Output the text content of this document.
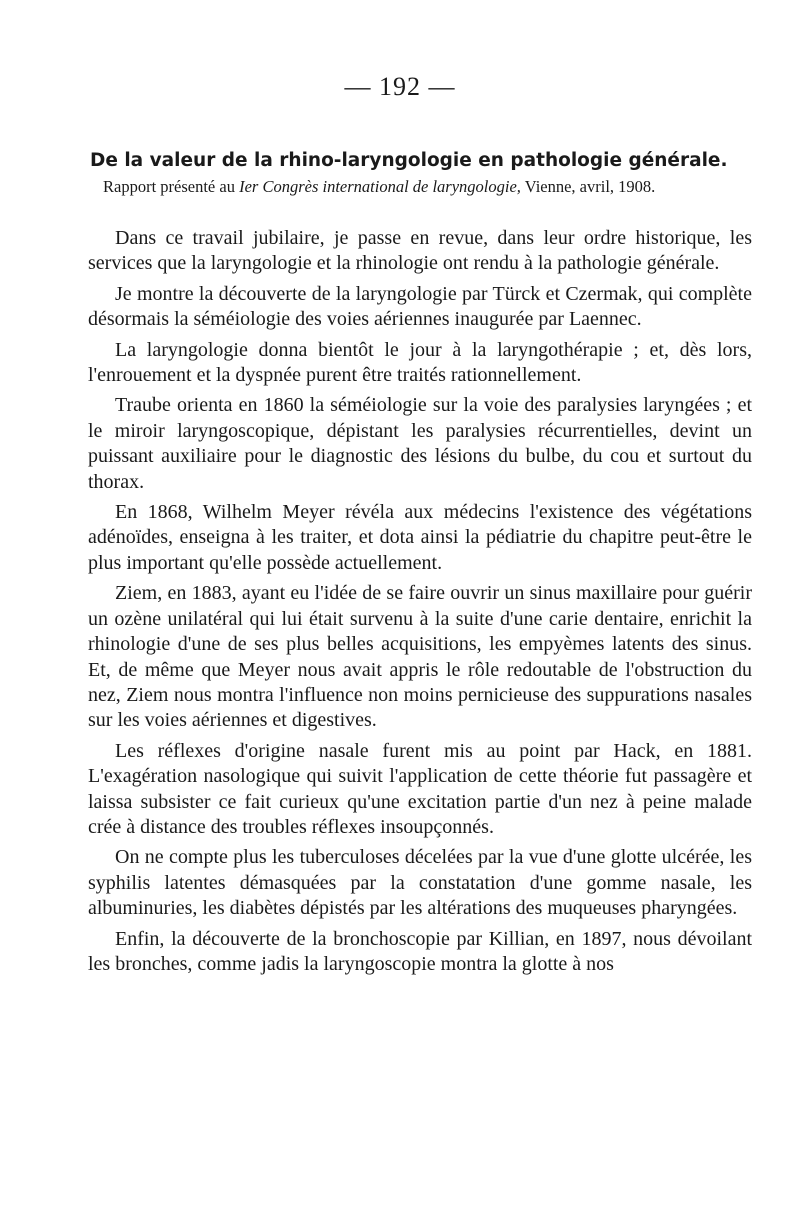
— 192 —
De la valeur de la rhino-laryngologie en pathologie générale.
Rapport présenté au Ier Congrès international de laryngologie, Vienne, avril, 1908.

Dans ce travail jubilaire, je passe en revue, dans leur ordre historique, les services que la laryngologie et la rhinologie ont rendu à la pathologie générale.

Je montre la découverte de la laryngologie par Türck et Czermak, qui complète désormais la séméiologie des voies aériennes inaugurée par Laennec.

La laryngologie donna bientôt le jour à la laryngothérapie ; et, dès lors, l'enrouement et la dyspnée purent être traités rationnellement.

Traube orienta en 1860 la séméiologie sur la voie des paralysies laryngées ; et le miroir laryngoscopique, dépistant les paralysies récurrentielles, devint un puissant auxiliaire pour le diagnostic des lésions du bulbe, du cou et surtout du thorax.

En 1868, Wilhelm Meyer révéla aux médecins l'existence des végétations adénoïdes, enseigna à les traiter, et dota ainsi la pédiatrie du chapitre peut-être le plus important qu'elle possède actuellement.

Ziem, en 1883, ayant eu l'idée de se faire ouvrir un sinus maxillaire pour guérir un ozène unilatéral qui lui était survenu à la suite d'une carie dentaire, enrichit la rhinologie d'une de ses plus belles acquisitions, les empyèmes latents des sinus. Et, de même que Meyer nous avait appris le rôle redoutable de l'obstruction du nez, Ziem nous montra l'influence non moins pernicieuse des suppurations nasales sur les voies aériennes et digestives.

Les réflexes d'origine nasale furent mis au point par Hack, en 1881. L'exagération nasologique qui suivit l'application de cette théorie fut passagère et laissa subsister ce fait curieux qu'une excitation partie d'un nez à peine malade crée à distance des troubles réflexes insoupçonnés.

On ne compte plus les tuberculoses décelées par la vue d'une glotte ulcérée, les syphilis latentes démasquées par la constatation d'une gomme nasale, les albuminuries, les diabètes dépistés par les altérations des muqueuses pharyngées.

Enfin, la découverte de la bronchoscopie par Killian, en 1897, nous dévoilant les bronches, comme jadis la laryngoscopie montra la glotte à nos
